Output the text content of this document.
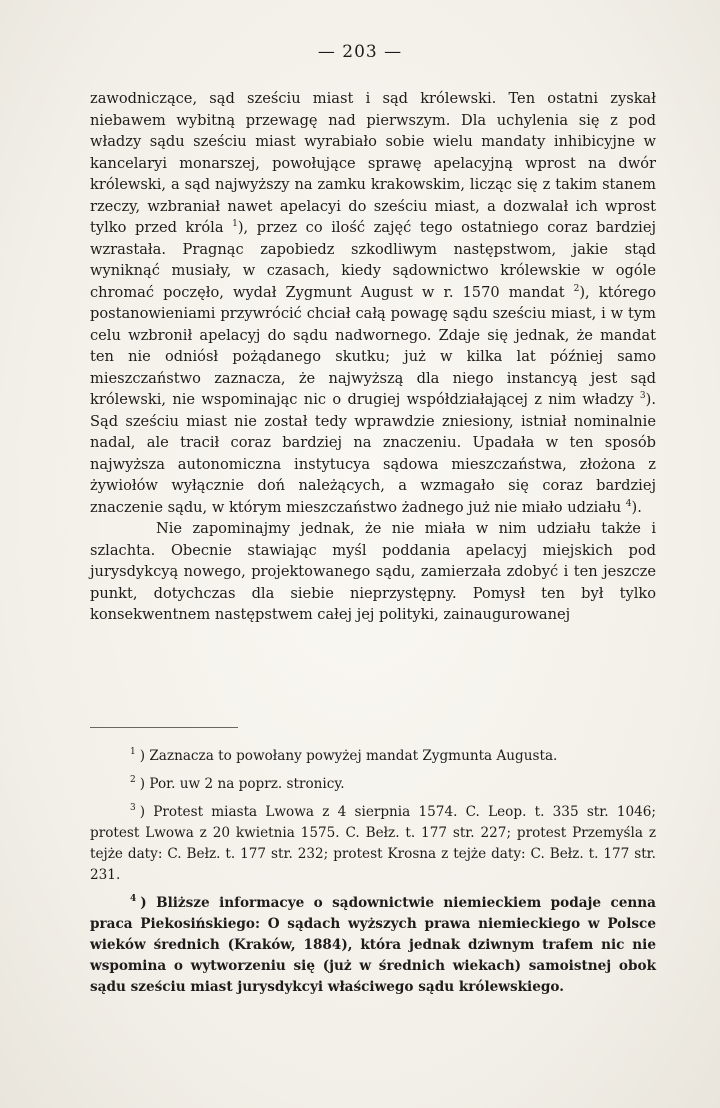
— 203 —

zawodniczące, sąd sześciu miast i sąd królewski. Ten ostatni zyskał niebawem wybitną przewagę nad pierwszym. Dla uchylenia się z pod władzy sądu sześciu miast wyrabiało sobie wielu mandaty inhibicyjne w kancelaryi monarszej, powołujące sprawę apelacyjną wprost na dwór królewski, a sąd najwyższy na zamku krakowskim, licząc się z takim stanem rzeczy, wzbraniał nawet apelacyi do sześciu miast, a dozwalał ich wprost tylko przed króla $^1$), przez co ilość zajęć tego ostatniego coraz bardziej wzrastała. Pragnąc zapobiedz szkodliwym następstwom, jakie stąd wyniknąć musiały, w czasach, kiedy sądownictwo królewskie w ogóle chromać poczęło, wydał Zygmunt August w r. 1570 mandat $^2$), którego postanowieniami przywrócić chciał całą powagę sądu sześciu miast, i w tym celu wzbronił apelacyj do sądu nadwornego. Zdaje się jednak, że mandat ten nie odniósł pożądanego skutku; już w kilka lat później samo mieszczaństwo zaznacza, że najwyższą dla niego instancyą jest sąd królewski, nie wspominając nic o drugiej współdziałającej z nim władzy $^3$). Sąd sześciu miast nie został tedy wprawdzie zniesiony, istniał nominalnie nadal, ale tracił coraz bardziej na znaczeniu. Upadała w ten sposób najwyższa autonomiczna instytucya sądowa mieszczaństwa, złożona z żywiołów wyłącznie doń należących, a wzmagało się coraz bardziej znaczenie sądu, w którym mieszczaństwo żadnego już nie miało udziału $^4$).

Nie zapominajmy jednak, że nie miała w nim udziału także i szlachta. Obecnie stawiając myśl poddania apelacyj miejskich pod jurysdykcyą nowego, projektowanego sądu, zamierzała zdobyć i ten jeszcze punkt, dotychczas dla siebie nieprzystępny. Pomysł ten był tylko konsekwentnem następstwem całej jej polityki, zainaugurowanej

$^1$ ) Zaznacza to powołany powyżej mandat Zygmunta Augusta.

$^2$ ) Por. uw 2 na poprz. stronicy.

$^3$ ) Protest miasta Lwowa z 4 sierpnia 1574. C. Leop. t. 335 str. 1046; protest Lwowa z 20 kwietnia 1575. C. Bełz. t. 177 str. 227; protest Przemyśla z tejże daty: C. Bełz. t. 177 str. 232; protest Krosna z tejże daty: C. Bełz. t. 177 str. 231.

$^4$ ) Bliższe informacye o sądownictwie niemieckiem podaje cenna praca Piekosińskiego: O sądach wyższych prawa niemieckiego w Polsce wieków średnich (Kraków, 1884), która jednak dziwnym trafem nic nie wspomina o wytworzeniu się (już w średnich wiekach) samoistnej obok sądu sześciu miast jurysdykcyi właściwego sądu królewskiego.
